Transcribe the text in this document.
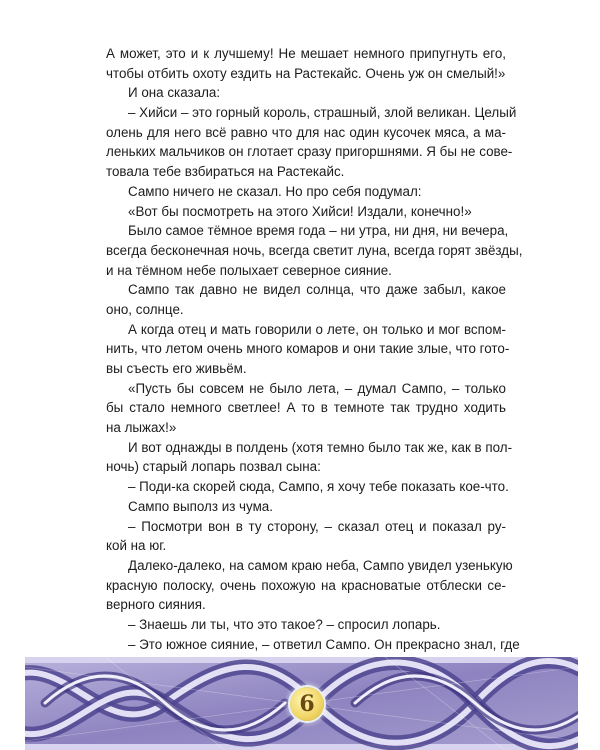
А может, это и к лучшему! Не мешает немного припугнуть его,
чтобы отбить охоту ездить на Растекайс. Очень уж он смелый!»
И она сказала:
– Хийси – это горный король, страшный, злой великан. Целый
олень для него всё равно что для нас один кусочек мяса, а ма-
леньких мальчиков он глотает сразу пригоршнями. Я бы не сове-
товала тебе взбираться на Растекайс.
Сампо ничего не сказал. Но про себя подумал:
«Вот бы посмотреть на этого Хийси! Издали, конечно!»
Было самое тёмное время года – ни утра, ни дня, ни вечера,
всегда бесконечная ночь, всегда светит луна, всегда горят звёзды,
и на тёмном небе полыхает северное сияние.
Сампо так давно не видел солнца, что даже забыл, какое
оно, солнце.
А когда отец и мать говорили о лете, он только и мог вспом-
нить, что летом очень много комаров и они такие злые, что гото-
вы съесть его живьём.
«Пусть бы совсем не было лета, – думал Сампо, – только
бы стало немного светлее! А то в темноте так трудно ходить
на лыжах!»
И вот однажды в полдень (хотя темно было так же, как в пол-
ночь) старый лопарь позвал сына:
– Поди-ка скорей сюда, Сампо, я хочу тебе показать кое-что.
Сампо выполз из чума.
– Посмотри вон в ту сторону, – сказал отец и показал ру-
кой на юг.
Далеко-далеко, на самом краю неба, Сампо увидел узенькую
красную полоску, очень похожую на красноватые отблески се-
верного сияния.
– Знаешь ли ты, что это такое? – спросил лопарь.
– Это южное сияние, – ответил Сампо. Он прекрасно знал, где
6
